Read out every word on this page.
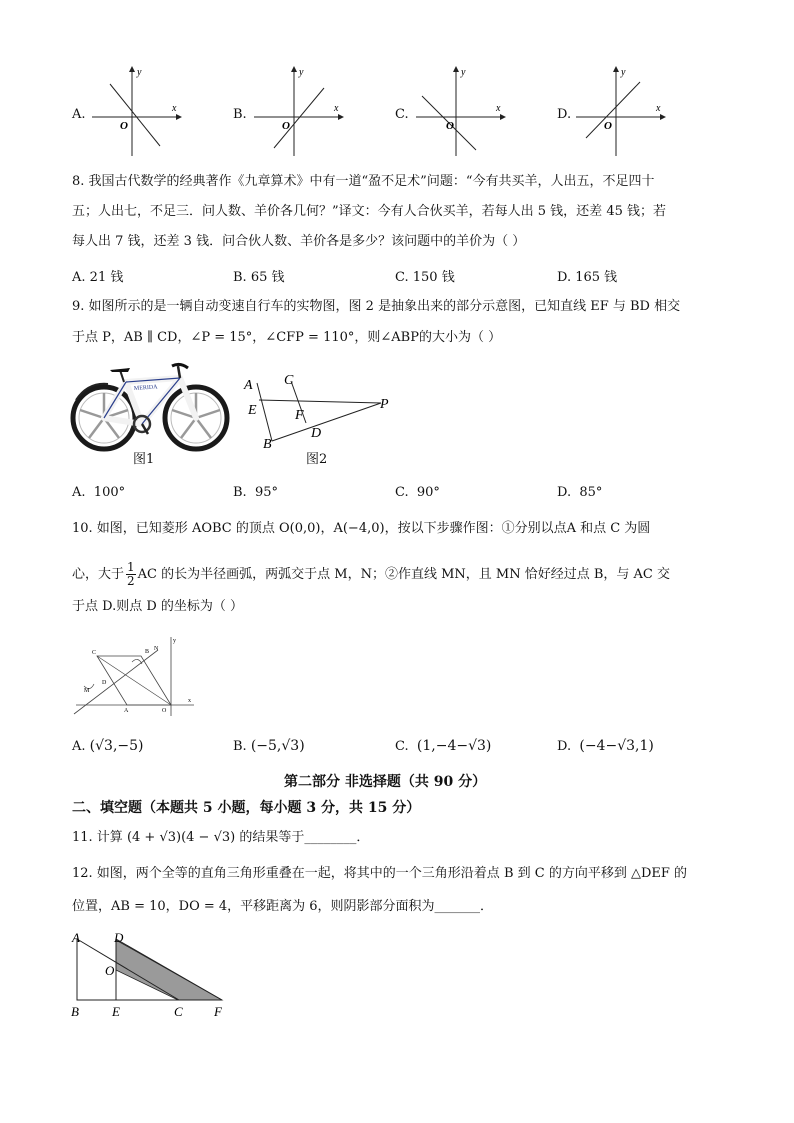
A.
y
x
O
B.
y
x
O
C.
y
x
O
D.
y
x
O
8. 我国古代数学的经典著作《九章算术》中有一道“盈不足术”问题：“今有共买羊，人出五，不足四十
五；人出七，不足三．问人数、羊价各几何？”译文：今有人合伙买羊，若每人出 5 钱，还差 45 钱；若
每人出 7 钱，还差 3 钱．问合伙人数、羊价各是多少？该问题中的羊价为（ ）
A. 21 钱	B. 65 钱	C. 150 钱	D. 165 钱
9. 如图所示的是一辆自动变速自行车的实物图，图 2 是抽象出来的部分示意图，已知直线 EF 与 BD 相交
于点 P，AB ∥ CD，∠P = 15°，∠CFP = 110°，则∠ABP的大小为（ ）
MERIDA
图1
A C
E	F
P
B
D
图2
A. 100°	B. 95°	C. 90°	D. 85°
10. 如图，已知菱形 AOBC 的顶点 O(0,0)，A(−4,0)，按以下步骤作图：①分别以点A 和点 C 为圆
心，大于 $\frac{1}{2}$ AC 的长为半径画弧，两弧交于点 M，N；②作直线 MN，且 MN 恰好经过点 B，与 AC 交
于点 D.则点 D 的坐标为（ ）
C	B N
D
M
A	O
x
y
A. (√3,−5)	B. (−5,√3)	C. (1,−4−√3)	D. (−4−√3,1)
第二部分 非选择题（共 90 分）
二、填空题（本题共 5 小题，每小题 3 分，共 15 分）
11. 计算 (4 + √3)(4 − √3) 的结果等于________．
12. 如图，两个全等的直角三角形重叠在一起，将其中的一个三角形沿着点 B 到 C 的方向平移到 △DEF 的
位置，AB = 10，DO = 4，平移距离为 6，则阴影部分面积为_______．
A	D
O
B	E	C F
